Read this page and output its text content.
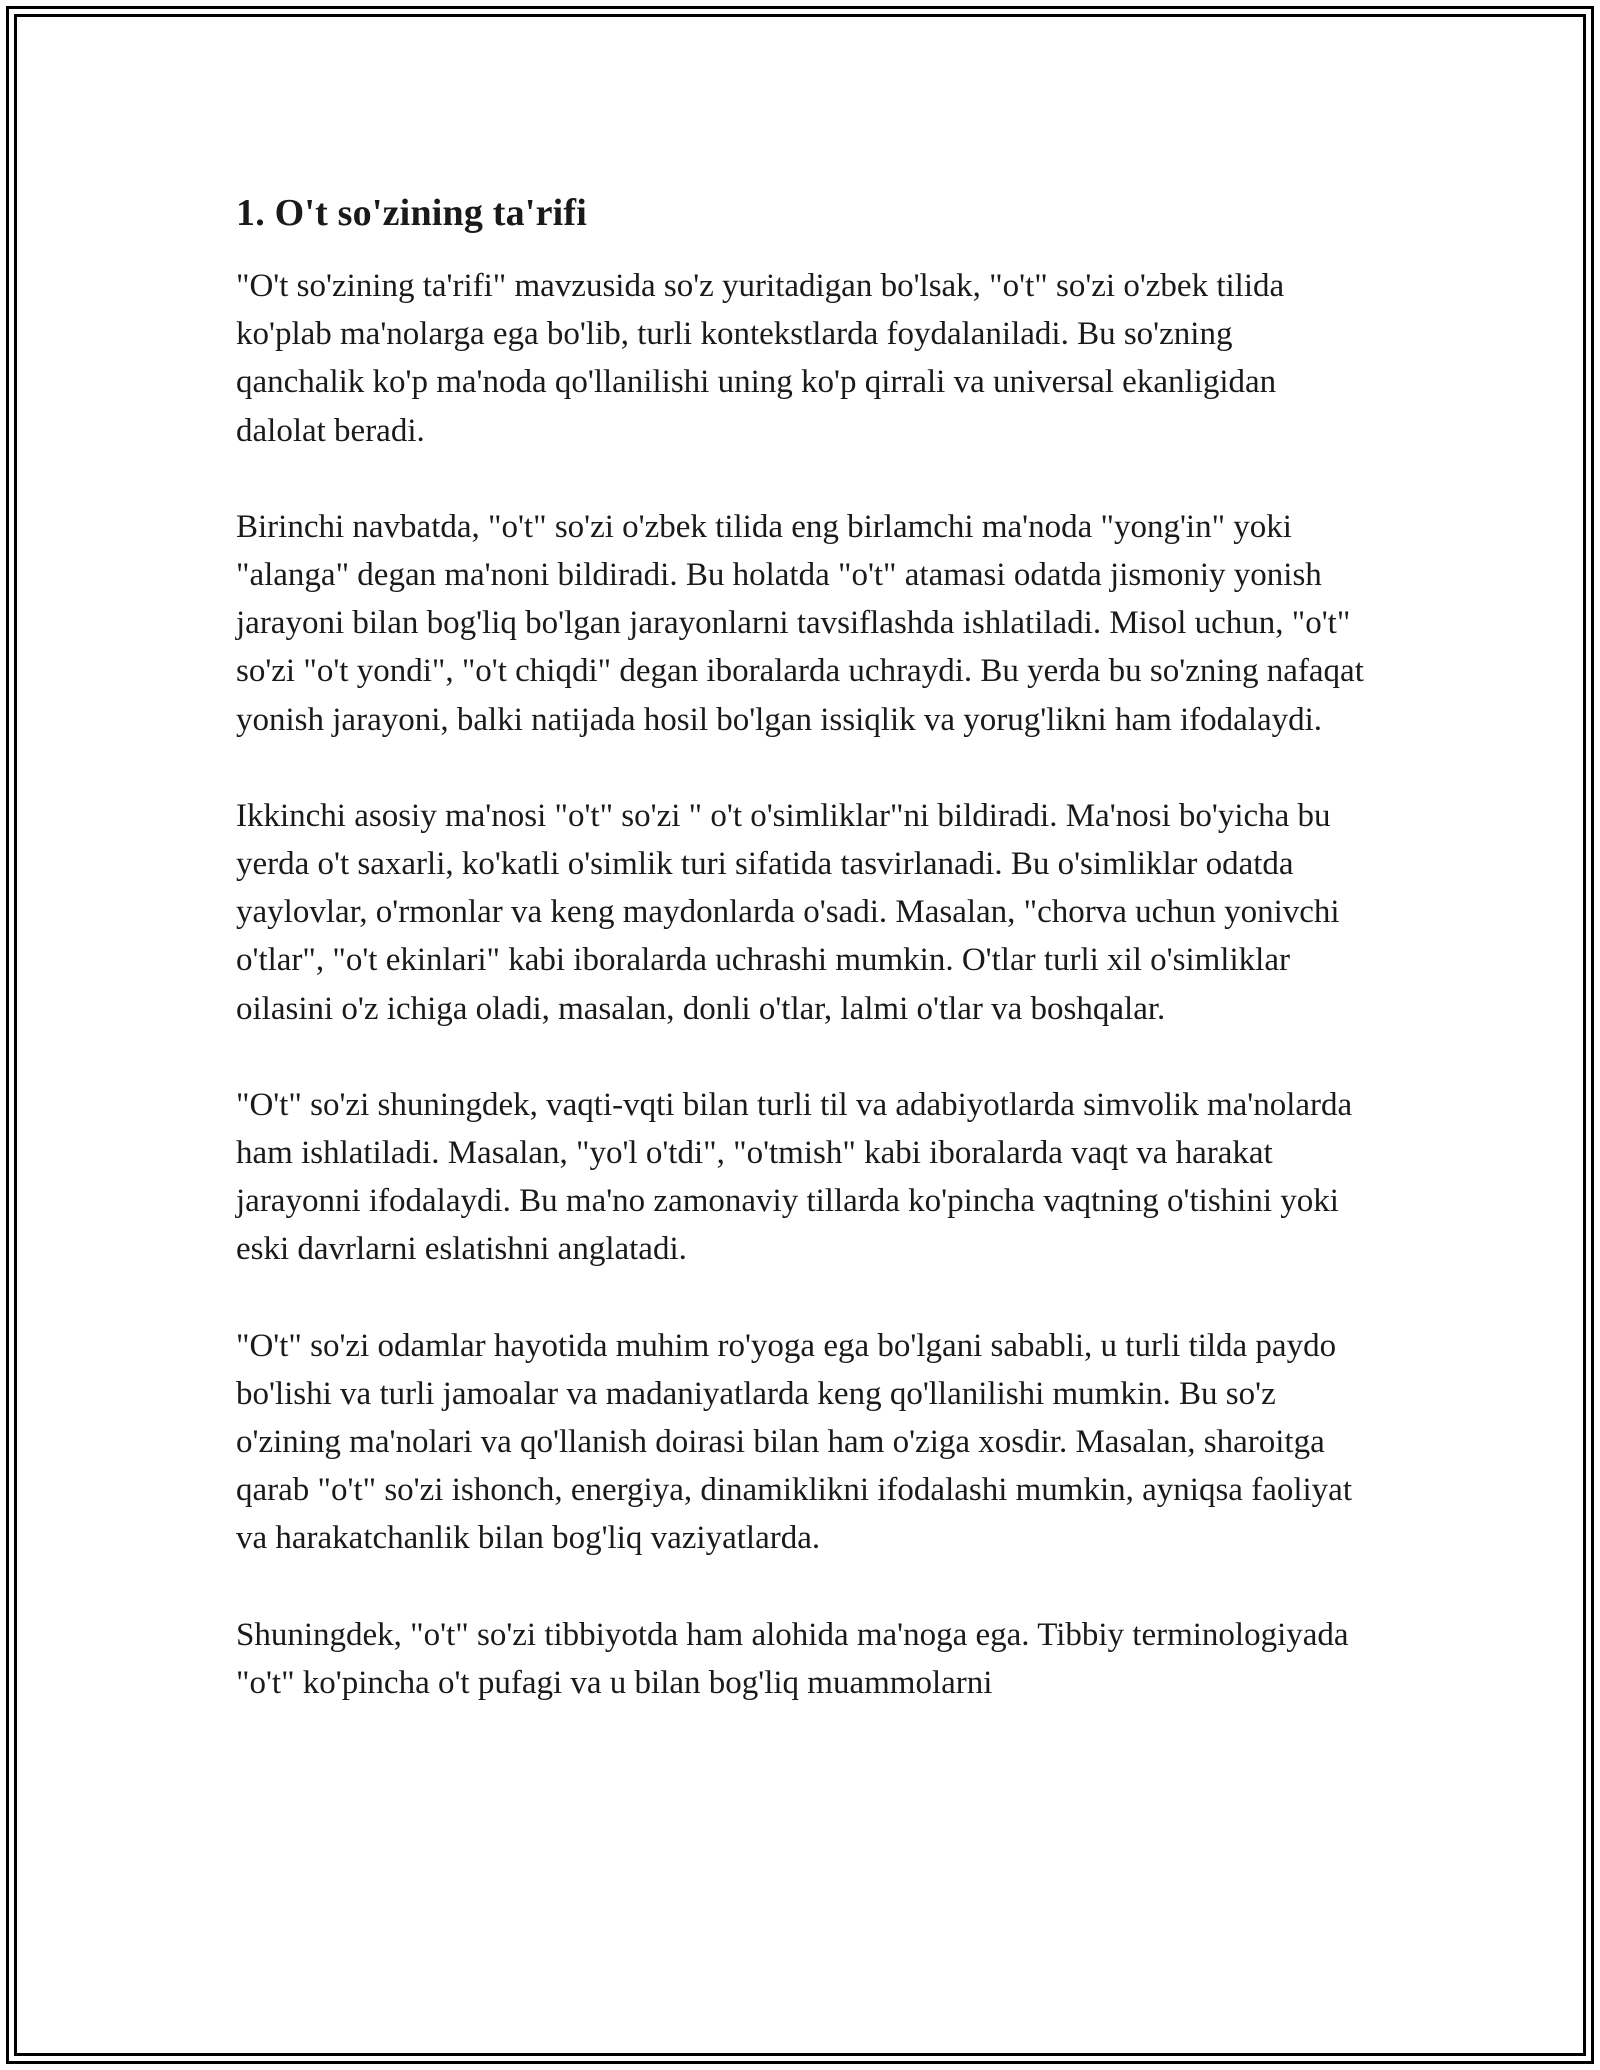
1. O't so'zining ta'rifi

"O't so'zining ta'rifi" mavzusida so'z yuritadigan bo'lsak, "o't" so'zi o'zbek tilida ko'plab ma'nolarga ega bo'lib, turli kontekstlarda foydalaniladi. Bu so'zning qanchalik ko'p ma'noda qo'llanilishi uning ko'p qirrali va universal ekanligidan dalolat beradi.

Birinchi navbatda, "o't" so'zi o'zbek tilida eng birlamchi ma'noda "yong'in" yoki "alanga" degan ma'noni bildiradi. Bu holatda "o't" atamasi odatda jismoniy yonish jarayoni bilan bog'liq bo'lgan jarayonlarni tavsiflashda ishlatiladi. Misol uchun, "o't" so'zi "o't yondi", "o't chiqdi" degan iboralarda uchraydi. Bu yerda bu so'zning nafaqat yonish jarayoni, balki natijada hosil bo'lgan issiqlik va yorug'likni ham ifodalaydi.

Ikkinchi asosiy ma'nosi "o't" so'zi " o't o'simliklar"ni bildiradi. Ma'nosi bo'yicha bu yerda o't saxarli, ko'katli o'simlik turi sifatida tasvirlanadi. Bu o'simliklar odatda yaylovlar, o'rmonlar va keng maydonlarda o'sadi. Masalan, "chorva uchun yonivchi o'tlar", "o't ekinlari" kabi iboralarda uchrashi mumkin. O'tlar turli xil o'simliklar oilasini o'z ichiga oladi, masalan, donli o'tlar, lalmi o'tlar va boshqalar.

"O't" so'zi shuningdek, vaqti-vqti bilan turli til va adabiyotlarda simvolik ma'nolarda ham ishlatiladi. Masalan, "yo'l o'tdi", "o'tmish" kabi iboralarda vaqt va harakat jarayonni ifodalaydi. Bu ma'no zamonaviy tillarda ko'pincha vaqtning o'tishini yoki eski davrlarni eslatishni anglatadi.

"O't" so'zi odamlar hayotida muhim ro'yoga ega bo'lgani sababli, u turli tilda paydo bo'lishi va turli jamoalar va madaniyatlarda keng qo'llanilishi mumkin. Bu so'z o'zining ma'nolari va qo'llanish doirasi bilan ham o'ziga xosdir. Masalan, sharoitga qarab "o't" so'zi ishonch, energiya, dinamiklikni ifodalashi mumkin, ayniqsa faoliyat va harakatchanlik bilan bog'liq vaziyatlarda.

Shuningdek, "o't" so'zi tibbiyotda ham alohida ma'noga ega. Tibbiy terminologiyada "o't" ko'pincha o't pufagi va u bilan bog'liq muammolarni
